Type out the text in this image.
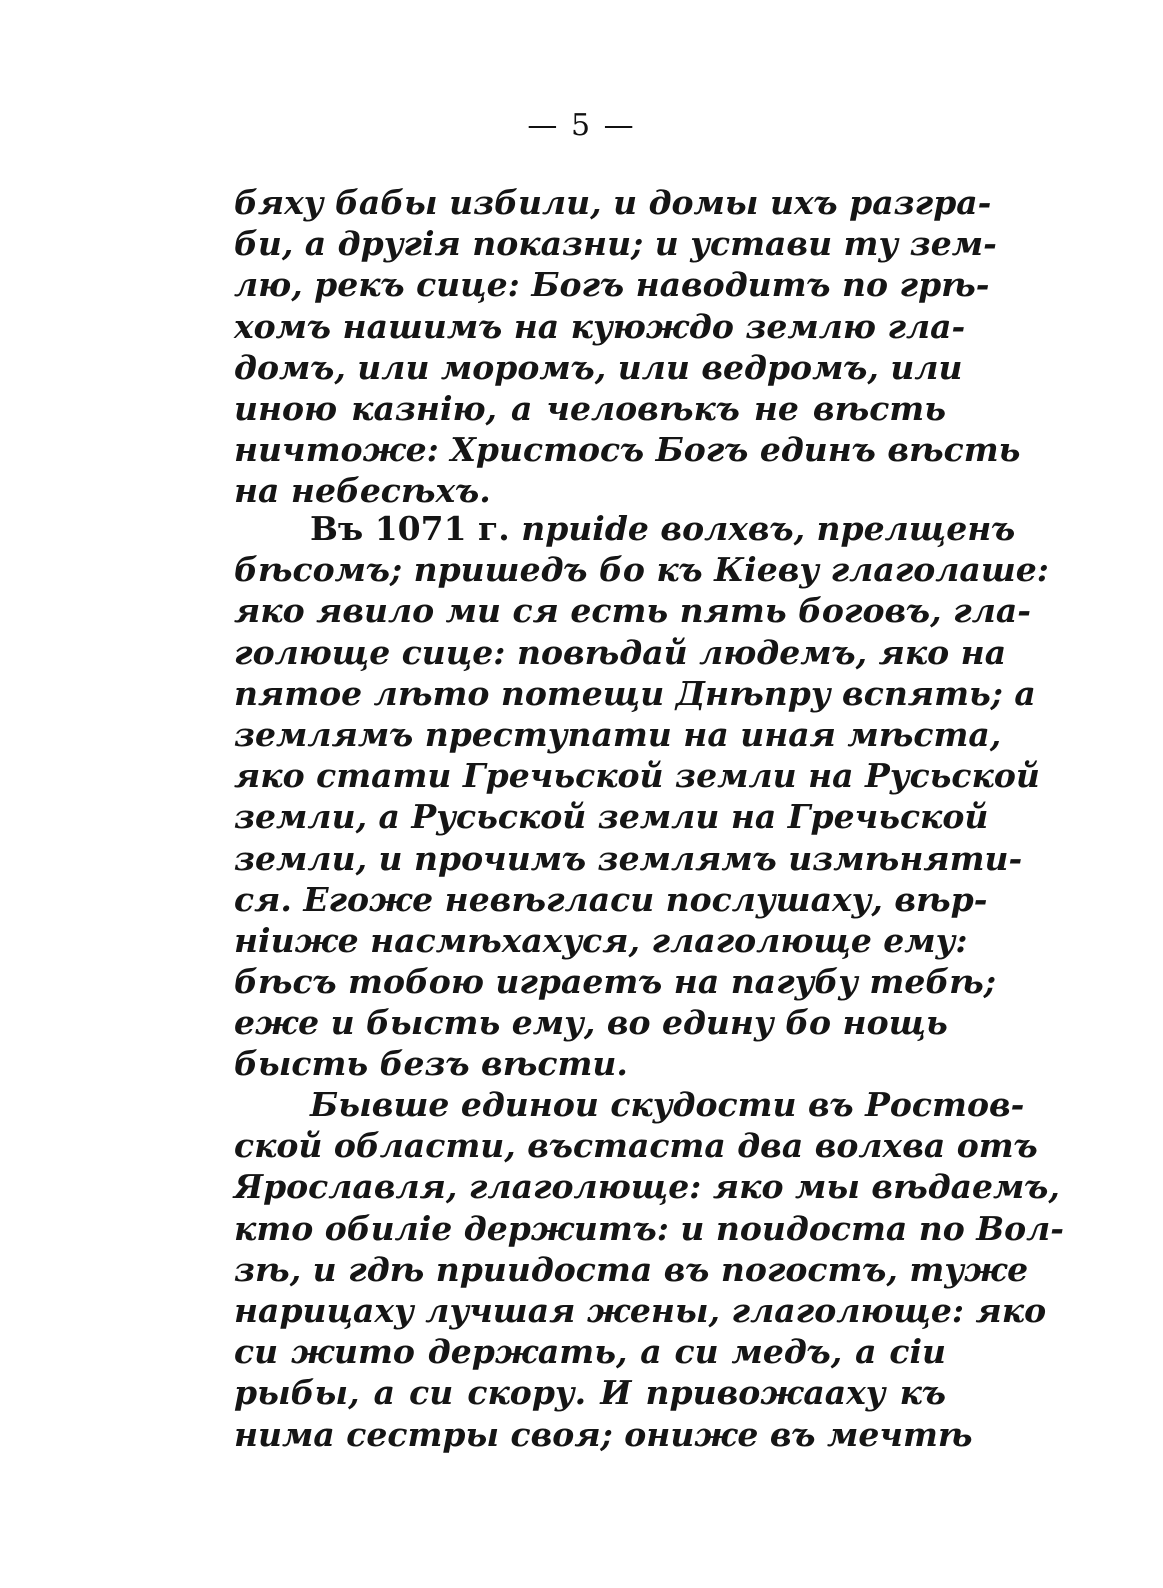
— 5 —
бяху бабы избили, и домы ихъ разгра-
би, а другія показни; и устави ту зем-
лю, рекъ сице: Богъ наводитъ по грѣ-
хомъ нашимъ на куюждо землю гла-
домъ, или моромъ, или ведромъ, или
иною казнію, а человѣкъ не вѣсть
ничтоже: Христосъ Богъ единъ вѣсть
на небесѣхъ.
Въ 1071 г. приide волхвъ, прелщенъ
бѣсомъ; пришедъ бо къ Кіеву глаголаше:
яко явило ми ся есть пять боговъ, гла-
голюще сице: повѣдай людемъ, яко на
пятое лѣто потещи Днѣпру вспять; а
землямъ преступати на иная мѣста,
яко стати Гречьской земли на Русьской
земли, а Русьской земли на Гречьской
земли, и прочимъ землямъ измѣняти-
ся. Егоже невѣгласи послушаху, вѣр-
ніиже насмѣхахуся, глаголюще ему:
бѣсъ тобою играетъ на пагубу тебѣ;
еже и бысть ему, во едину бо нощь
бысть безъ вѣсти.
Бывше единои скудости въ Ростов-
ской области, въстаста два волхва отъ
Ярославля, глаголюще: яко мы вѣдаемъ,
кто обиліе держитъ: и поидоста по Вол-
зѣ, и гдѣ приидоста въ погостъ, туже
нарицаху лучшая жены, глаголюще: яко
си жито держать, а си медъ, а сіи
рыбы, а си скору. И привожааху къ
нима сестры своя; ониже въ мечтѣ
